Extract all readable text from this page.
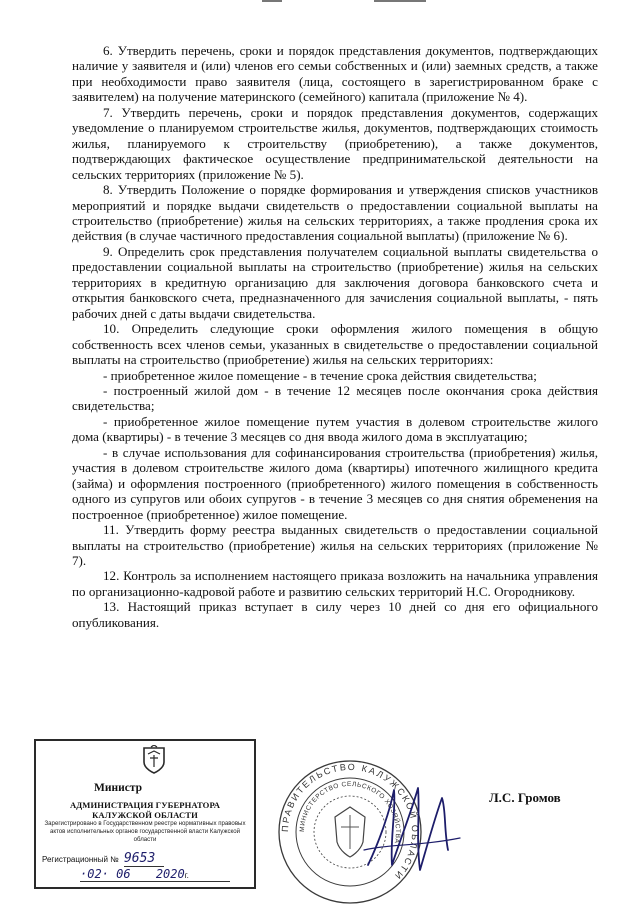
6. Утвердить перечень, сроки и порядок представления документов, подтверждающих наличие у заявителя и (или) членов его семьи собственных и (или) заемных средств, а также при необходимости право заявителя (лица, состоящего в зарегистрированном браке с заявителем) на получение материнского (семейного) капитала (приложение № 4).

7. Утвердить перечень, сроки и порядок представления документов, содержащих уведомление о планируемом строительстве жилья, документов, подтверждающих стоимость жилья, планируемого к строительству (приобретению), а также документов, подтверждающих фактическое осуществление предпринимательской деятельности на сельских территориях (приложение № 5).

8. Утвердить Положение о порядке формирования и утверждения списков участников мероприятий и порядке выдачи свидетельств о предоставлении социальной выплаты на строительство (приобретение) жилья на сельских территориях, а также продления срока их действия (в случае частичного предоставления социальной выплаты) (приложение № 6).

9. Определить срок представления получателем социальной выплаты свидетельства о предоставлении социальной выплаты на строительство (приобретение) жилья на сельских территориях в кредитную организацию для заключения договора банковского счета и открытия банковского счета, предназначенного для зачисления социальной выплаты, - пять рабочих дней с даты выдачи свидетельства.

10. Определить следующие сроки оформления жилого помещения в общую собственность всех членов семьи, указанных в свидетельстве о предоставлении социальной выплаты на строительство (приобретение) жилья на сельских территориях:

- приобретенное жилое помещение - в течение срока действия свидетельства;

- построенный жилой дом - в течение 12 месяцев после окончания срока действия свидетельства;

- приобретенное жилое помещение путем участия в долевом строительстве жилого дома (квартиры) - в течение 3 месяцев со дня ввода жилого дома в эксплуатацию;

- в случае использования для софинансирования строительства (приобретения) жилья, участия в долевом строительстве жилого дома (квартиры) ипотечного жилищного кредита (займа) и оформления построенного (приобретенного) жилого помещения в собственность одного из супругов или обоих супругов - в течение 3 месяцев со дня снятия обременения на построенное (приобретенное) жилое помещение.

11. Утвердить форму реестра выданных свидетельств о предоставлении социальной выплаты на строительство (приобретение) жилья на сельских территориях (приложение № 7).

12. Контроль за исполнением настоящего приказа возложить на начальника управления по организационно-кадровой работе и развитию сельских территорий Н.С. Огородникову.

13. Настоящий приказ вступает в силу через 10 дней со дня его официального опубликования.

Министр
АДМИНИСТРАЦИЯ ГУБЕРНАТОРА КАЛУЖСКОЙ ОБЛАСТИ
Зарегистрировано в Государственном реестре нормативных правовых актов исполнительных органов государственной власти Калужской области
Регистрационный № 9653
·02· 06 2020г.
ПРАВИТЕЛЬСТВО КАЛУЖСКОЙ ОБЛАСТИ
МИНИСТЕРСТВО СЕЛЬСКОГО ХОЗЯЙСТВА
Л.С. Громов
